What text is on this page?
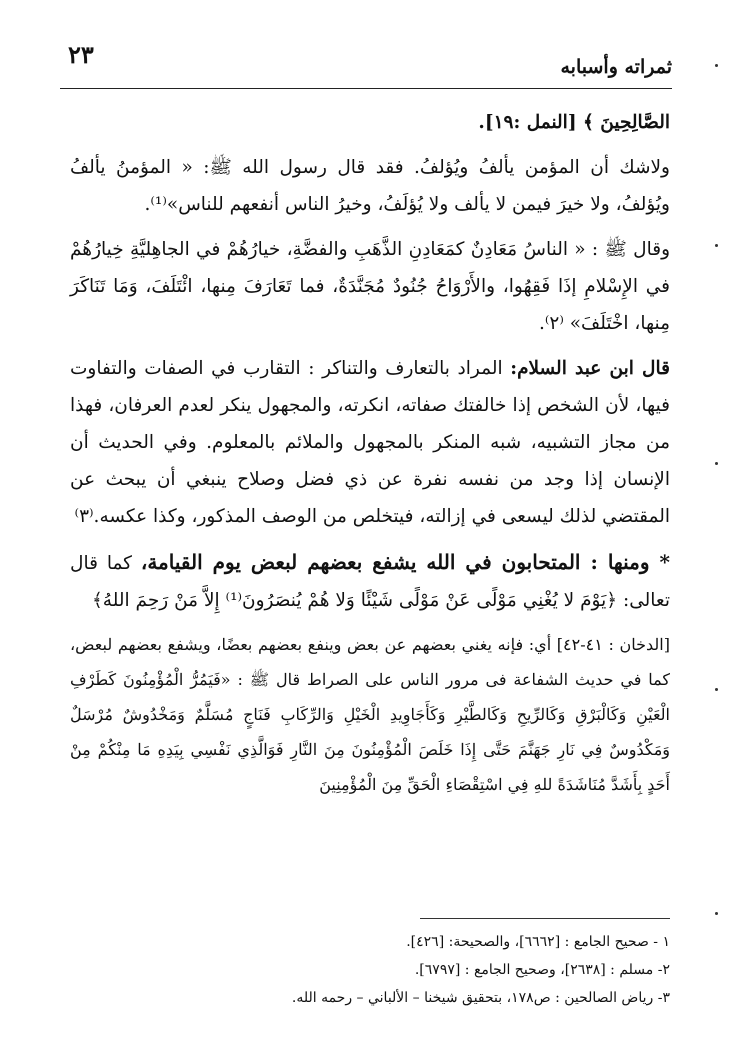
ثمراته وأسبابه
٢٣

الصَّالِحِينَ ﴾ [النمل :١٩].

ولاشك أن المؤمن يألفُ ويُؤلفُ. فقد قال رسول الله ﷺ: « المؤمنُ يألفُ ويُؤلفُ، ولا خيرَ فيمن لا يألف ولا يُؤلَفُ، وخيرُ الناس أنفعهم للناس»⁽¹⁾.

وقال ﷺ : « الناسُ مَعَادِنٌ كمَعَادِنِ الذَّهَبِ والفضَّةِ، خيارُهُمْ في الجاهِليَّةِ خِيارُهُمْ في الإِسْلامِ إذَا فَقِهُوا، والأَرْوَاحُ جُنُودٌ مُجَنَّدَةٌ، فما تَعَارَفَ مِنها، ائْتَلَفَ، وَمَا تَنَاكَرَ مِنها، اخْتَلَفَ» ⁽٢⁾.

قال ابن عبد السلام: المراد بالتعارف والتناكر : التقارب في الصفات والتفاوت فيها، لأن الشخص إذا خالفتك صفاته، انكرته، والمجهول ينكر لعدم العرفان، فهذا من مجاز التشبيه، شبه المنكر بالمجهول والملائم بالمعلوم. وفي الحديث أن الإنسان إذا وجد من نفسه نفرة عن ذي فضل وصلاح ينبغي أن يبحث عن المقتضي لذلك ليسعى في إزالته، فيتخلص من الوصف المذكور، وكذا عكسه.⁽٣⁾

* ومنها : المتحابون في الله يشفع بعضهم لبعض يوم القيامة، كما قال تعالى: ﴿يَوْمَ لا يُغْنِي مَوْلًى عَنْ مَوْلًى شَيْئًا وَلا هُمْ يُنصَرُونَ⁽¹⁾ إِلاَّ مَنْ رَحِمَ اللهُ﴾

[الدخان : ٤١-٤٢] أي: فإنه يغني بعضهم عن بعض وينفع بعضهم بعضًا، ويشفع بعضهم لبعض، كما في حديث الشفاعة فى مرور الناس على الصراط قال ﷺ : «فَيَمُرُّ الْمُؤْمِنُونَ كَطَرْفِ الْعَيْنِ وَكَالْبَرْقِ وَكَالرِّيحِ وَكَالطَّيْرِ وَكَأَجَاوِيدِ الْخَيْلِ وَالرِّكَابِ فَنَاجٍ مُسَلَّمٌ وَمَخْدُوشٌ مُرْسَلٌ وَمَكْدُوسٌ فِي نَارِ جَهَنَّمَ حَتَّى إِذَا خَلَصَ الْمُؤْمِنُونَ مِنَ النَّارِ فَوَالَّذِي نَفْسِي بِيَدِهِ مَا مِنْكُمْ مِنْ أَحَدٍ بِأَشَدَّ مُنَاشَدَةً للهِ فِي اسْتِقْصَاءِ الْحَقِّ مِنَ الْمُؤْمِنِينَ

١ - صحيح الجامع : [٦٦٦٢]، والصحيحة: [٤٢٦].
٢- مسلم : [٢٦٣٨]، وصحيح الجامع : [٦٧٩٧].
٣- رياض الصالحين : ص١٧٨، بتحقيق شيخنا – الألباني – رحمه الله.
